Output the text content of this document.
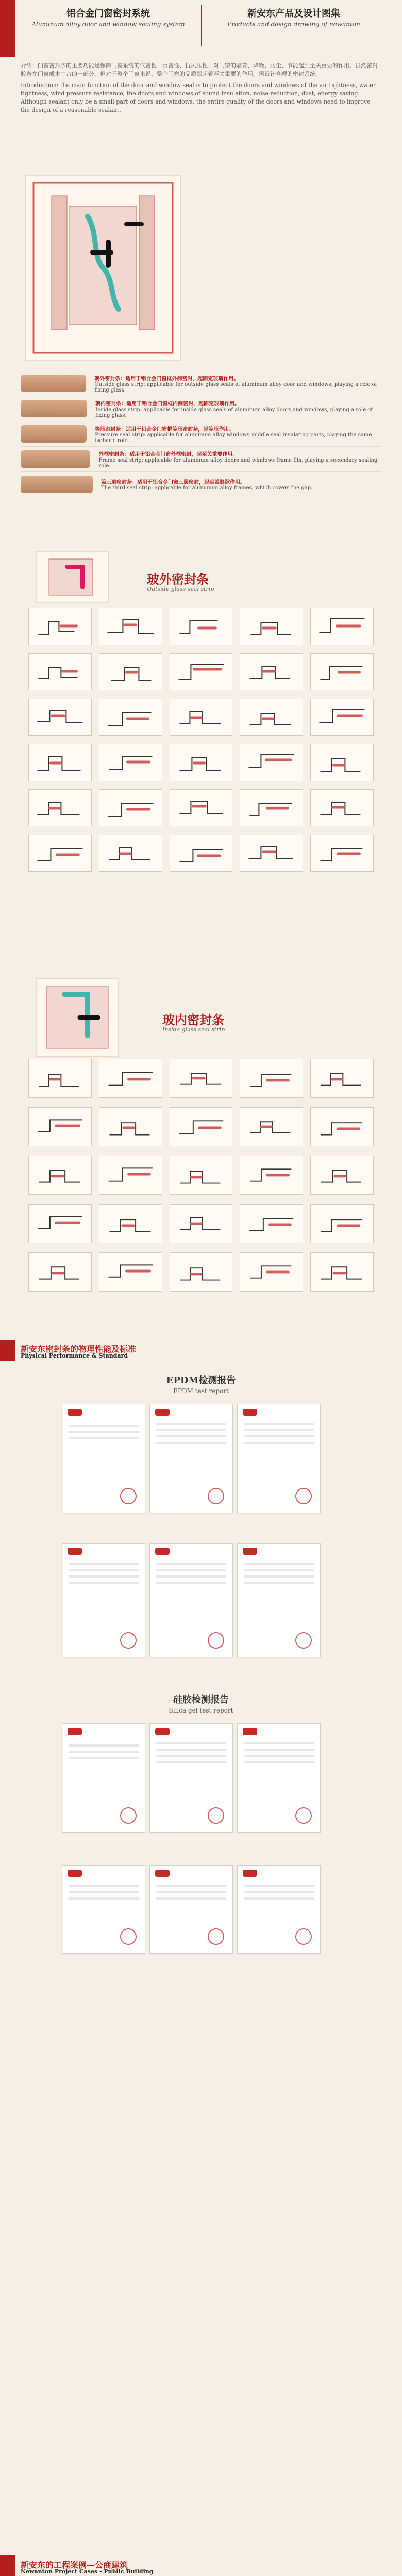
铝合金门窗密封系统
Aluminum alloy door and window sealing system
新安东产品及设计图集
Products and design drawing of newanton
介绍：门窗密封条的主要功能是保障门窗系统的气密性、水密性、抗风压性、对门窗的隔音、降噪、防尘、节能起到至关重要的作用。虽然密封胶条在门窗成本中占的一部分，但对于整个门窗来说，整个门窗的品质都起着至关重要的作用。需设计合理的密封系统。
Introduction: the main function of the door and window seal is to protect the doors and windows of the air tightness, water tightness, wind pressure resistance, the doors and windows of sound insulation, noise reduction, dust, energy saving. Although sealant only be a small part of doors and windows. the entire quality of the doors and windows need to improve the design of a reasonable sealant.
朝外密封条：适用于铝合金门窗框外侧密封，起固定玻璃作用。
Outside glass strip: applicable for outside glass seals of aluminum alloy door and windows, playing a role of fixing glass.
朝内密封条：适用于铝合金门窗框内侧密封，起固定玻璃作用。
Inside glass strip: applicable for inside glass seals of aluminum alloy doors and windows, playing a role of fixing glass.
等压密封条：适用于铝合金门窗框等压密封条，起等压作用。
Pressure seal strip: applicable for aluminum alloy windows middle seal insulating parts, playing the same isobaric role.
外框密封条：适用于铝合金门窗外框密封，起至关重要作用。
Frame seal strip: applicable for aluminum alloy doors and windows frame fits, playing a secondary sealing role.
第三道密封条：适用于铝合金门窗三层密封，起遮盖缝隙作用。
The third seal strip: applicable for aluminum alloy frames, which covers the gap.
玻外密封条
Outside glass seal strip
玻内密封条
Inside glass seal strip
新安东密封条的物理性能及标准
Physical Performance & Standard
EPDM检测报告
EPDM test report
硅胶检测报告
Silica gel test report
新安东的工程案例—公商建筑
Newanton Project Cases - Public Building
